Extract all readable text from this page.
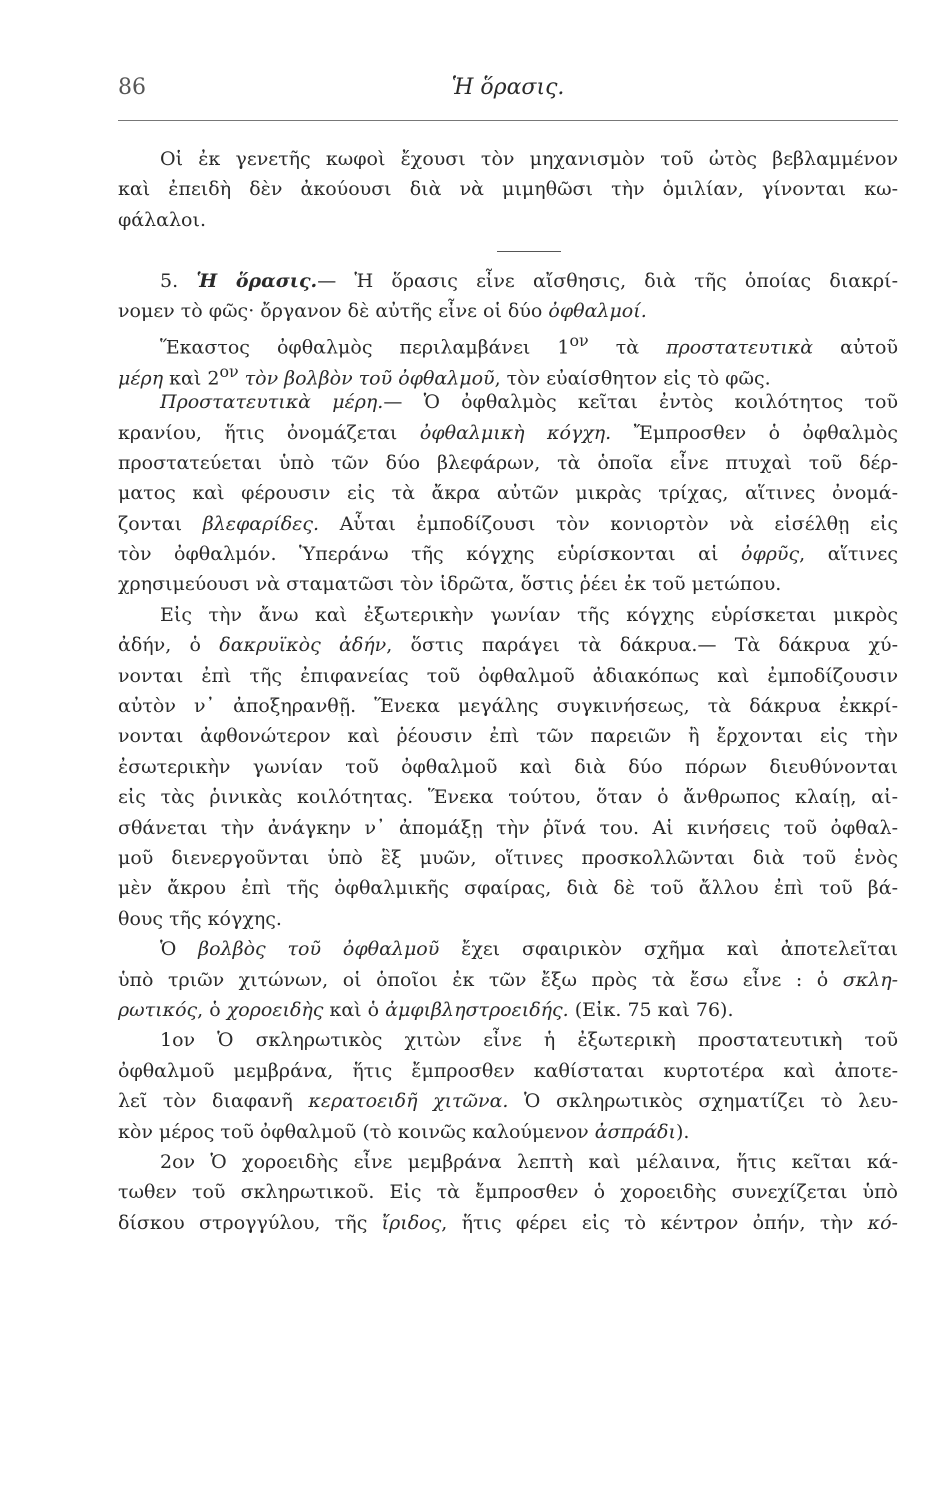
86	Ἡ ὅρασις.
Οἱ ἐκ γενετῆς κωφοὶ ἔχουσι τὸν μηχανισμὸν τοῦ ὠτὸς βεβλαμμένον
καὶ ἐπειδὴ δὲν ἀκούουσι διὰ νὰ μιμηθῶσι τὴν ὁμιλίαν, γίνονται κω-
φάλαλοι.
5. Ἡ ὅρασις.— Ἡ ὅρασις εἶνε αἴσθησις, διὰ τῆς ὁποίας διακρί-
νομεν τὸ φῶς· ὄργανον δὲ αὐτῆς εἶνε οἱ δύο ὀφθαλμοί.
Ἕκαστος ὀφθαλμὸς περιλαμβάνει $1^{o\nu}$ τὰ προστατευτικὰ αὐτοῦ
μέρη καὶ $2^{o\nu}$ τὸν βολβὸν τοῦ ὀφθαλμοῦ, τὸν εὐαίσθητον εἰς τὸ φῶς.
Προστατευτικὰ μέρη.— Ὁ ὀφθαλμὸς κεῖται ἐντὸς κοιλότητος τοῦ
κρανίου, ἥτις ὀνομάζεται ὀφθαλμικὴ κόγχη. Ἔμπροσθεν ὁ ὀφθαλμὸς
προστατεύεται ὑπὸ τῶν δύο βλεφάρων, τὰ ὁποῖα εἶνε πτυχαὶ τοῦ δέρ-
ματος καὶ φέρουσιν εἰς τὰ ἄκρα αὐτῶν μικρὰς τρίχας, αἵτινες ὀνομά-
ζονται βλεφαρίδες. Αὗται ἐμποδίζουσι τὸν κονιορτὸν νὰ εἰσέλθῃ εἰς
τὸν ὀφθαλμόν. Ὑπεράνω τῆς κόγχης εὑρίσκονται αἱ ὀφρῦς, αἵτινες
χρησιμεύουσι νὰ σταματῶσι τὸν ἱδρῶτα, ὅστις ῥέει ἐκ τοῦ μετώπου.
Εἰς τὴν ἄνω καὶ ἐξωτερικὴν γωνίαν τῆς κόγχης εὑρίσκεται μικρὸς
ἀδήν, ὁ δακρυϊκὸς ἀδήν, ὅστις παράγει τὰ δάκρυα.— Τὰ δάκρυα χύ-
νονται ἐπὶ τῆς ἐπιφανείας τοῦ ὀφθαλμοῦ ἀδιακόπως καὶ ἐμποδίζουσιν
αὐτὸν ν᾽ ἀποξηρανθῇ. Ἕνεκα μεγάλης συγκινήσεως, τὰ δάκρυα ἐκκρί-
νονται ἀφθονώτερον καὶ ῥέουσιν ἐπὶ τῶν παρειῶν ἢ ἔρχονται εἰς τὴν
ἐσωτερικὴν γωνίαν τοῦ ὀφθαλμοῦ καὶ διὰ δύο πόρων διευθύνονται
εἰς τὰς ῥινικὰς κοιλότητας. Ἕνεκα τούτου, ὅταν ὁ ἄνθρωπος κλαίῃ, αἰ-
σθάνεται τὴν ἀνάγκην ν᾽ ἀπομάξῃ τὴν ῥῖνά του. Αἱ κινήσεις τοῦ ὀφθαλ-
μοῦ διενεργοῦνται ὑπὸ ἓξ μυῶν, οἵτινες προσκολλῶνται διὰ τοῦ ἑνὸς
μὲν ἄκρου ἐπὶ τῆς ὀφθαλμικῆς σφαίρας, διὰ δὲ τοῦ ἄλλου ἐπὶ τοῦ βά-
θους τῆς κόγχης.
Ὁ βολβὸς τοῦ ὀφθαλμοῦ ἔχει σφαιρικὸν σχῆμα καὶ ἀποτελεῖται
ὑπὸ τριῶν χιτώνων, οἱ ὁποῖοι ἐκ τῶν ἔξω πρὸς τὰ ἔσω εἶνε : ὁ σκλη-
ρωτικός, ὁ χοροειδὴς καὶ ὁ ἀμφιβληστροειδής. (Εἰκ. 75 καὶ 76).
1ον Ὁ σκληρωτικὸς χιτὼν εἶνε ἡ ἐξωτερικὴ προστατευτικὴ τοῦ
ὀφθαλμοῦ μεμβράνα, ἥτις ἔμπροσθεν καθίσταται κυρτοτέρα καὶ ἀποτε-
λεῖ τὸν διαφανῆ κερατοειδῆ χιτῶνα. Ὁ σκληρωτικὸς σχηματίζει τὸ λευ-
κὸν μέρος τοῦ ὀφθαλμοῦ (τὸ κοινῶς καλούμενον ἀσπράδι).
2ον Ὁ χοροειδὴς εἶνε μεμβράνα λεπτὴ καὶ μέλαινα, ἥτις κεῖται κά-
τωθεν τοῦ σκληρωτικοῦ. Εἰς τὰ ἔμπροσθεν ὁ χοροειδὴς συνεχίζεται ὑπὸ
δίσκου στρογγύλου, τῆς ἴριδος, ἥτις φέρει εἰς τὸ κέντρον ὀπήν, τὴν κό-
